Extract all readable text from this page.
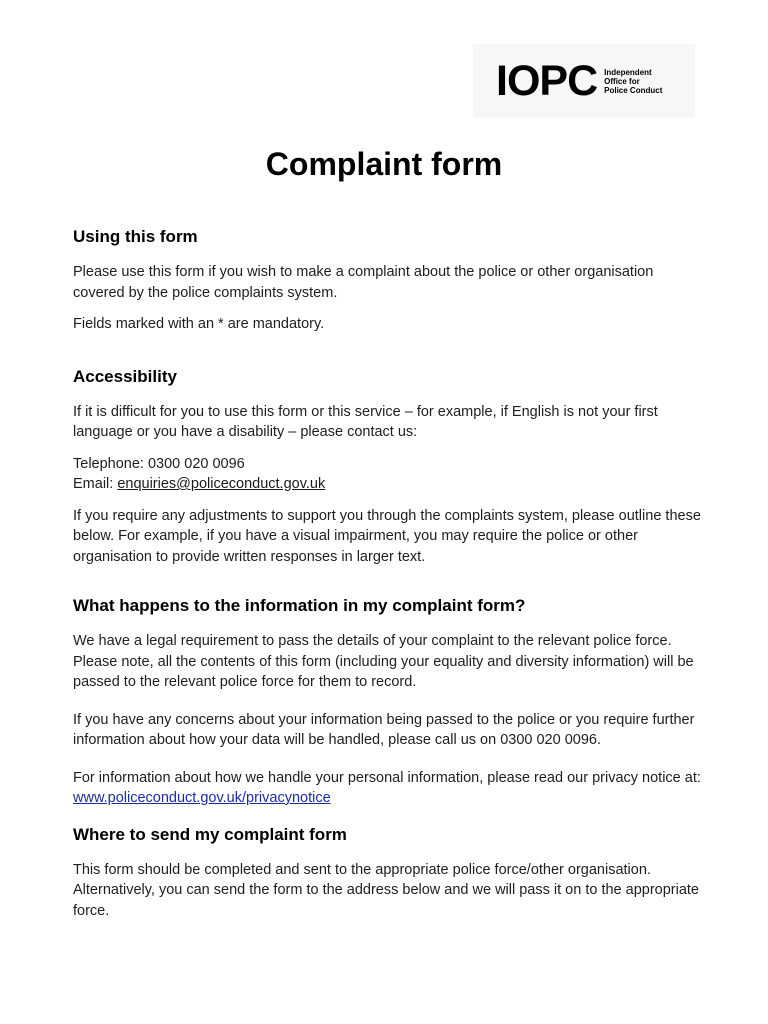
IOPC Independent
Office for
Police Conduct
Complaint form
Using this form

Please use this form if you wish to make a complaint about the police or other organisation covered by the police complaints system.

Fields marked with an * are mandatory.

Accessibility

If it is difficult for you to use this form or this service – for example, if English is not your first language or you have a disability – please contact us:

Telephone: 0300 020 0096
Email: enquiries@policeconduct.gov.uk

If you require any adjustments to support you through the complaints system, please outline these below. For example, if you have a visual impairment, you may require the police or other organisation to provide written responses in larger text.

What happens to the information in my complaint form?

We have a legal requirement to pass the details of your complaint to the relevant police force. Please note, all the contents of this form (including your equality and diversity information) will be passed to the relevant police force for them to record.

If you have any concerns about your information being passed to the police or you require further information about how your data will be handled, please call us on 0300 020 0096.

For information about how we handle your personal information, please read our privacy notice at: www.policeconduct.gov.uk/privacynotice

Where to send my complaint form

This form should be completed and sent to the appropriate police force/other organisation. Alternatively, you can send the form to the address below and we will pass it on to the appropriate force.
